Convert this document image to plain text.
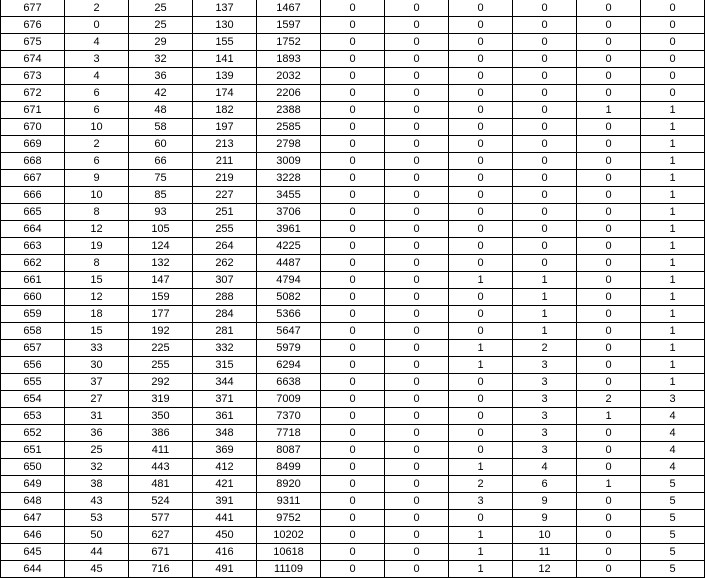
677	2	25	137	1467	0	0	0	0	0	0
676	0	25	130	1597	0	0	0	0	0	0
675	4	29	155	1752	0	0	0	0	0	0
674	3	32	141	1893	0	0	0	0	0	0
673	4	36	139	2032	0	0	0	0	0	0
672	6	42	174	2206	0	0	0	0	0	0
671	6	48	182	2388	0	0	0	0	1	1
670	10	58	197	2585	0	0	0	0	0	1
669	2	60	213	2798	0	0	0	0	0	1
668	6	66	211	3009	0	0	0	0	0	1
667	9	75	219	3228	0	0	0	0	0	1
666	10	85	227	3455	0	0	0	0	0	1
665	8	93	251	3706	0	0	0	0	0	1
664	12	105	255	3961	0	0	0	0	0	1
663	19	124	264	4225	0	0	0	0	0	1
662	8	132	262	4487	0	0	0	0	0	1
661	15	147	307	4794	0	0	1	1	0	1
660	12	159	288	5082	0	0	0	1	0	1
659	18	177	284	5366	0	0	0	1	0	1
658	15	192	281	5647	0	0	0	1	0	1
657	33	225	332	5979	0	0	1	2	0	1
656	30	255	315	6294	0	0	1	3	0	1
655	37	292	344	6638	0	0	0	3	0	1
654	27	319	371	7009	0	0	0	3	2	3
653	31	350	361	7370	0	0	0	3	1	4
652	36	386	348	7718	0	0	0	3	0	4
651	25	411	369	8087	0	0	0	3	0	4
650	32	443	412	8499	0	0	1	4	0	4
649	38	481	421	8920	0	0	2	6	1	5
648	43	524	391	9311	0	0	3	9	0	5
647	53	577	441	9752	0	0	0	9	0	5
646	50	627	450	10202	0	0	1	10	0	5
645	44	671	416	10618	0	0	1	11	0	5
644	45	716	491	11109	0	0	1	12	0	5
